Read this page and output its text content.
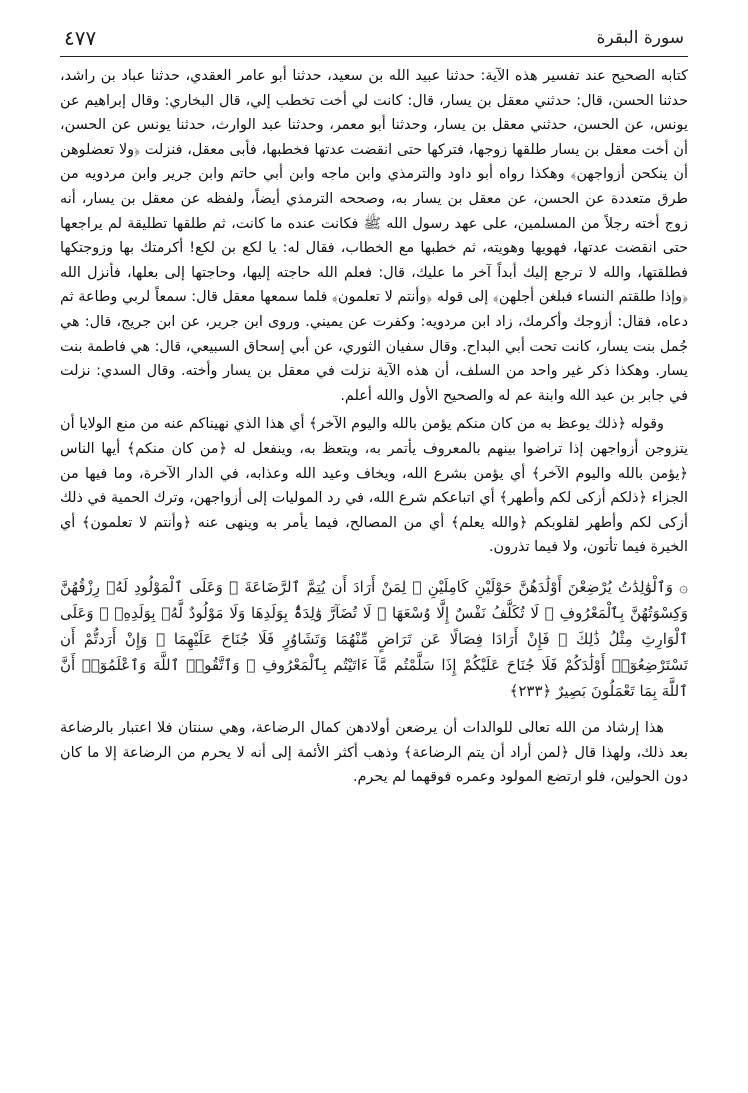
سورة البقرة
٤٧٧

كتابه الصحيح عند تفسير هذه الآية: حدثنا عبيد الله بن سعيد، حدثنا أبو عامر العقدي، حدثنا عباد بن راشد، حدثنا الحسن، قال: حدثني معقل بن يسار، قال: كانت لي أخت تخطب إلي، قال البخاري: وقال إبراهيم عن يونس، عن الحسن، حدثني معقل بن يسار، وحدثنا أبو معمر، وحدثنا عبد الوارث، حدثنا يونس عن الحسن، أن أخت معقل بن يسار طلقها زوجها، فتركها حتى انقضت عدتها فخطبها، فأبى معقل، فنزلت ﴿ولا تعضلوهن أن ينكحن أزواجهن﴾ وهكذا رواه أبو داود والترمذي وابن ماجه وابن أبي حاتم وابن جرير وابن مردويه من طرق متعددة عن الحسن، عن معقل بن يسار به، وصححه الترمذي أيضاً، ولفظه عن معقل بن يسار، أنه زوج أخته رجلاً من المسلمين، على عهد رسول الله ﷺ فكانت عنده ما كانت، ثم طلقها تطليقة لم يراجعها حتى انقضت عدتها، فهويها وهويته، ثم خطبها مع الخطاب، فقال له: يا لكع بن لكع! أكرمتك بها وزوجتكها فطلقتها، والله لا ترجع إليك أبداً آخر ما عليك، قال: فعلم الله حاجته إليها، وحاجتها إلى بعلها، فأنزل الله ﴿وإذا طلقتم النساء فبلغن أجلهن﴾ إلى قوله ﴿وأنتم لا تعلمون﴾ فلما سمعها معقل قال: سمعاً لربي وطاعة ثم دعاه، فقال: أزوجك وأكرمك، زاد ابن مردويه: وكفرت عن يميني. وروى ابن جرير، عن ابن جريج، قال: هي جُمل بنت يسار، كانت تحت أبي البداح. وقال سفيان الثوري، عن أبي إسحاق السبيعي، قال: هي فاطمة بنت يسار. وهكذا ذكر غير واحد من السلف، أن هذه الآية نزلت في معقل بن يسار وأخته. وقال السدي: نزلت في جابر بن عبد الله وابنة عم له والصحيح الأول والله أعلم.

وقوله ﴿ذلك يوعظ به من كان منكم يؤمن بالله واليوم الآخر﴾ أي هذا الذي نهيناكم عنه من منع الولايا أن يتزوجن أزواجهن إذا تراضوا بينهم بالمعروف يأتمر به، ويتعظ به، وينفعل له ﴿من كان منكم﴾ أيها الناس ﴿يؤمن بالله واليوم الآخر﴾ أي يؤمن بشرع الله، ويخاف وعيد الله وعذابه، في الدار الآخرة، وما فيها من الجزاء ﴿ذلكم أزكى لكم وأطهر﴾ أي اتباعكم شرع الله، في رد الموليات إلى أزواجهن، وترك الحمية في ذلك أزكى لكم وأطهر لقلوبكم ﴿والله يعلم﴾ أي من المصالح، فيما يأمر به وينهى عنه ﴿وأنتم لا تعلمون﴾ أي الخيرة فيما تأتون، ولا فيما تذرون.

۞ وَٱلْوَٰلِدَٰتُ يُرْضِعْنَ أَوْلَٰدَهُنَّ حَوْلَيْنِ كَامِلَيْنِ ۖ لِمَنْ أَرَادَ أَن يُتِمَّ ٱلرَّضَاعَةَ ۚ وَعَلَى ٱلْمَوْلُودِ لَهُۥ رِزْقُهُنَّ وَكِسْوَتُهُنَّ بِٱلْمَعْرُوفِ ۚ لَا تُكَلَّفُ نَفْسٌ إِلَّا وُسْعَهَا ۚ لَا تُضَآرَّ وَٰلِدَةٌۢ بِوَلَدِهَا وَلَا مَوْلُودٌ لَّهُۥ بِوَلَدِهِۦ ۚ وَعَلَى ٱلْوَارِثِ مِثْلُ ذَٰلِكَ ۗ فَإِنْ أَرَادَا فِصَالًا عَن تَرَاضٍ مِّنْهُمَا وَتَشَاوُرٍ فَلَا جُنَاحَ عَلَيْهِمَا ۗ وَإِنْ أَرَدتُّمْ أَن تَسْتَرْضِعُوٓا۟ أَوْلَٰدَكُمْ فَلَا جُنَاحَ عَلَيْكُمْ إِذَا سَلَّمْتُم مَّآ ءَاتَيْتُم بِٱلْمَعْرُوفِ ۗ وَٱتَّقُوا۟ ٱللَّهَ وَٱعْلَمُوٓا۟ أَنَّ ٱللَّهَ بِمَا تَعْمَلُونَ بَصِيرٌ ﴿٢٣٣﴾

هذا إرشاد من الله تعالى للوالدات أن يرضعن أولادهن كمال الرضاعة، وهي سنتان فلا اعتبار بالرضاعة بعد ذلك، ولهذا قال ﴿لمن أراد أن يتم الرضاعة﴾ وذهب أكثر الأئمة إلى أنه لا يحرم من الرضاعة إلا ما كان دون الحولين، فلو ارتضع المولود وعمره فوقهما لم يحرم.
